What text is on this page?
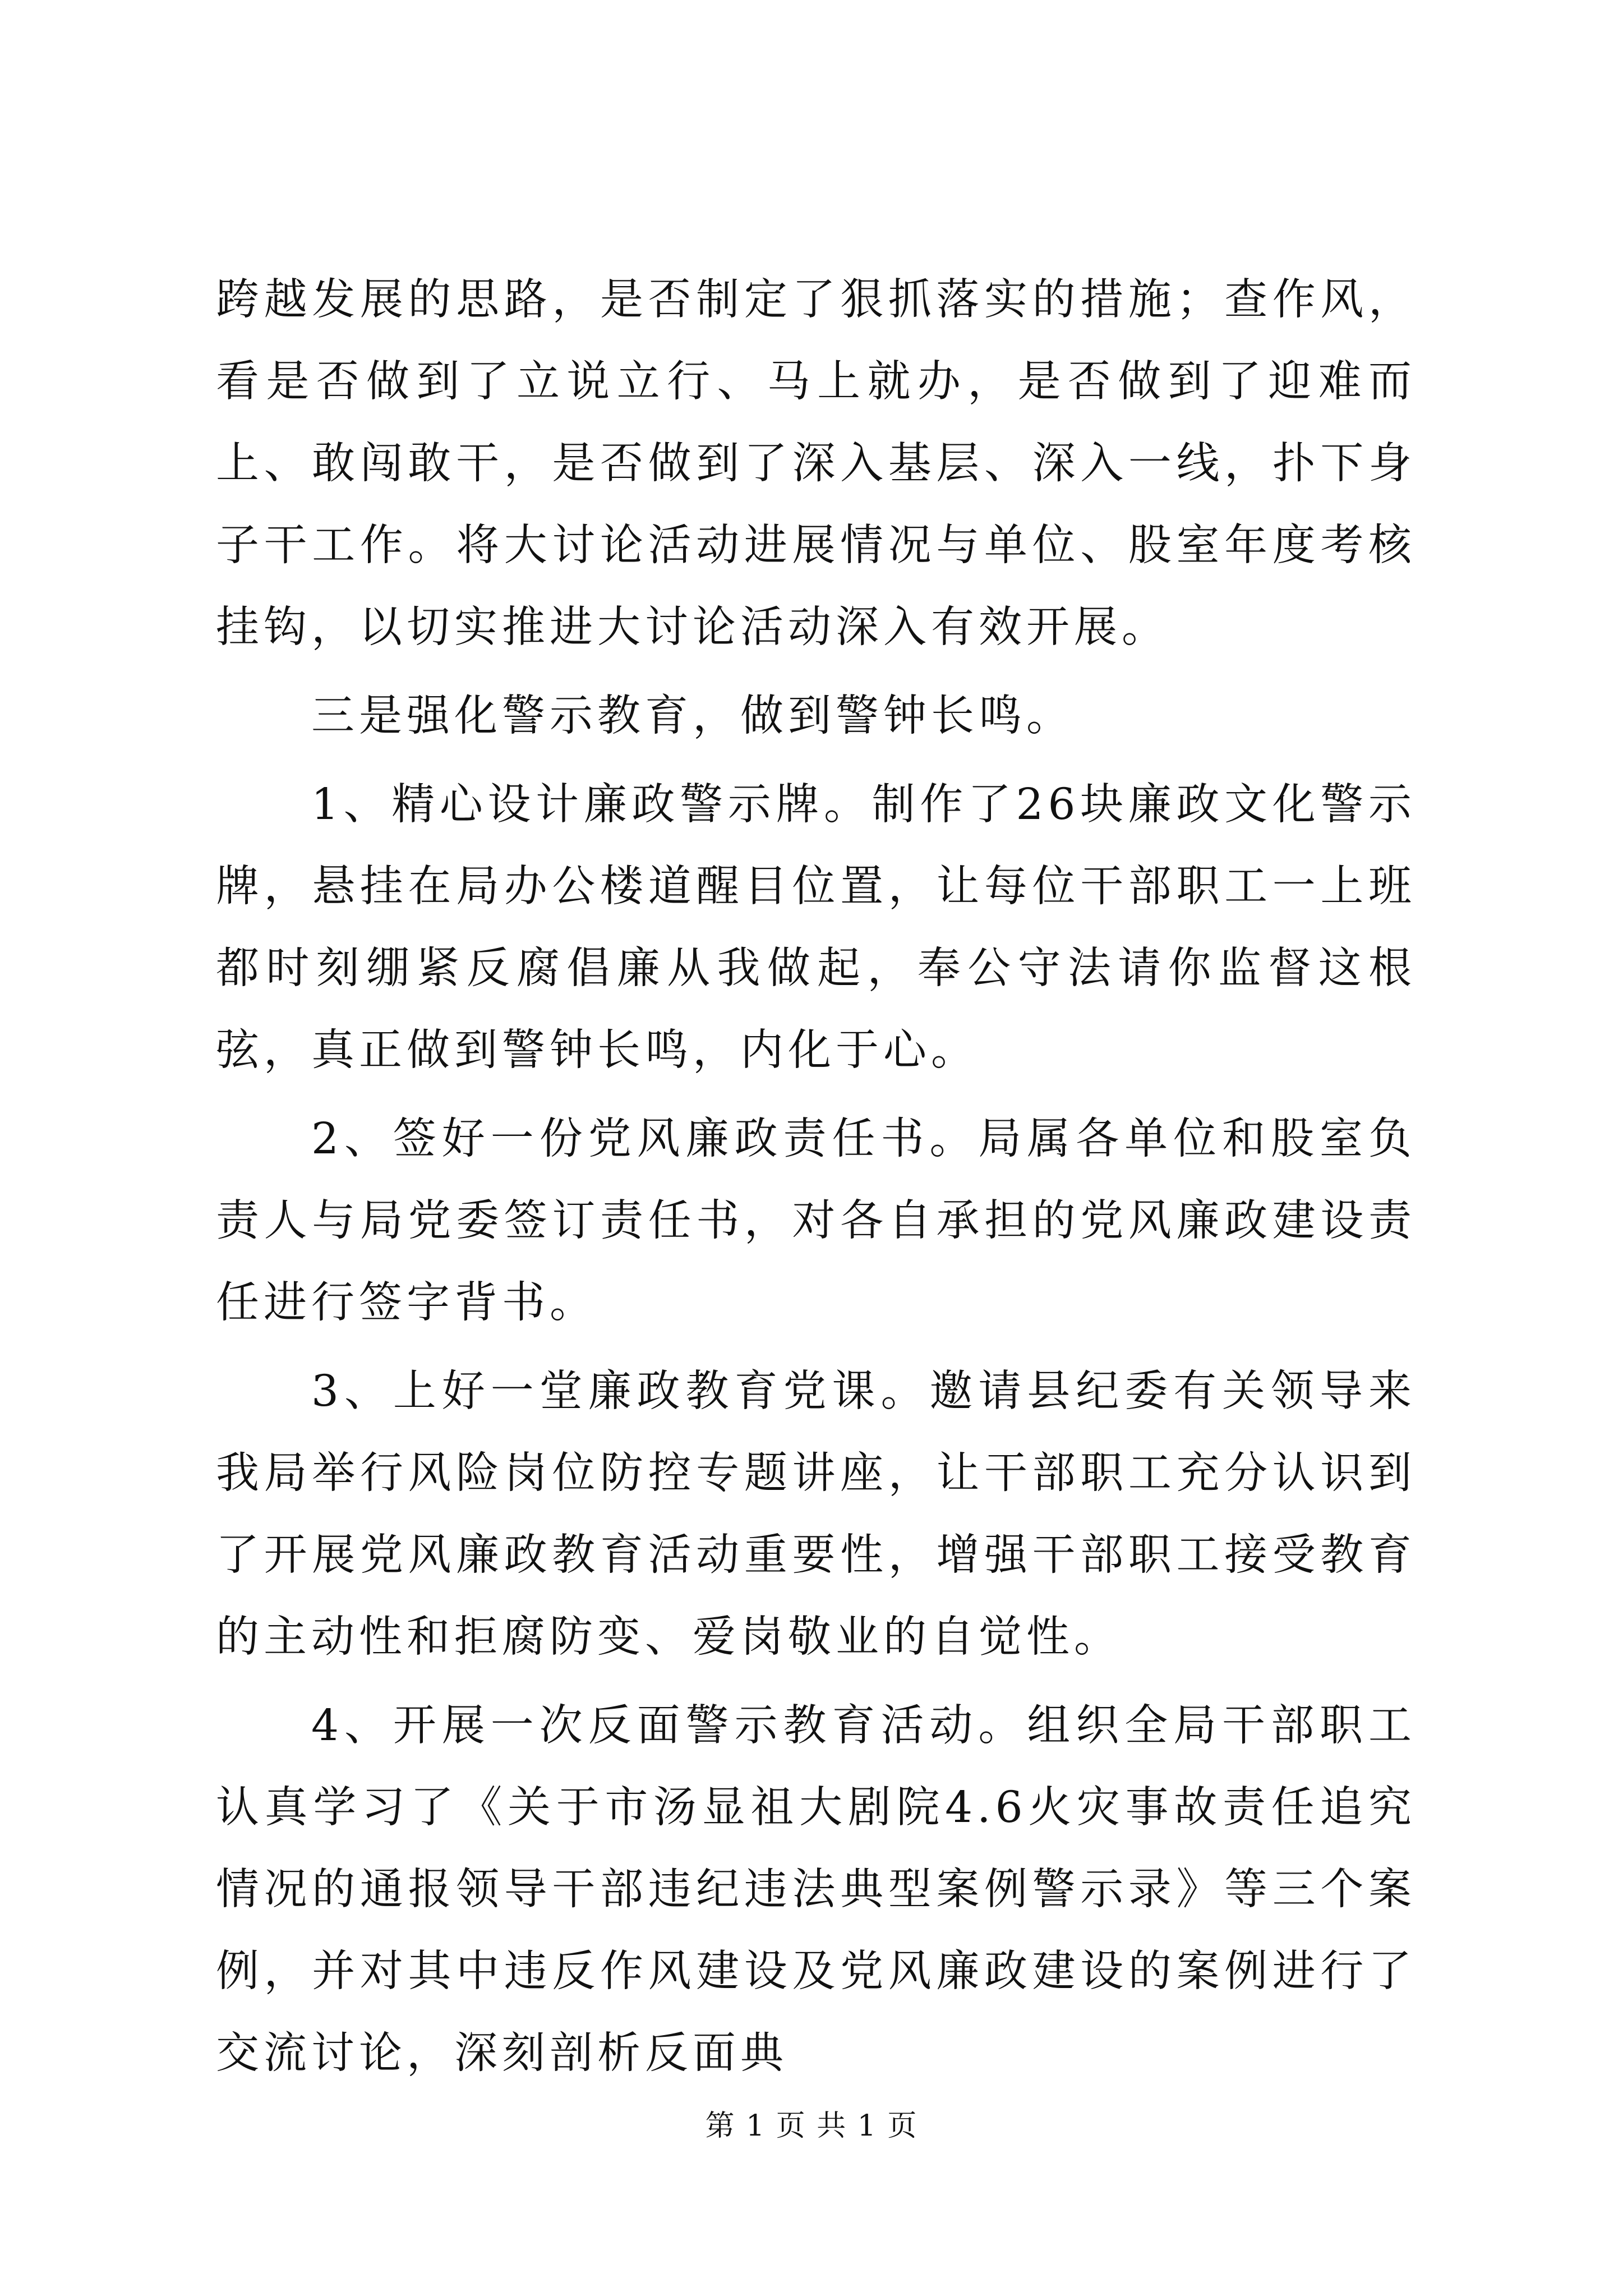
跨越发展的思路，是否制定了狠抓落实的措施；查作风，看是否做到了立说立行、马上就办，是否做到了迎难而上、敢闯敢干，是否做到了深入基层、深入一线，扑下身子干工作。将大讨论活动进展情况与单位、股室年度考核挂钩，以切实推进大讨论活动深入有效开展。

三是强化警示教育，做到警钟长鸣。

1、精心设计廉政警示牌。制作了26块廉政文化警示牌，悬挂在局办公楼道醒目位置，让每位干部职工一上班都时刻绷紧反腐倡廉从我做起，奉公守法请你监督这根弦，真正做到警钟长鸣，内化于心。

2、签好一份党风廉政责任书。局属各单位和股室负责人与局党委签订责任书，对各自承担的党风廉政建设责任进行签字背书。

3、上好一堂廉政教育党课。邀请县纪委有关领导来我局举行风险岗位防控专题讲座，让干部职工充分认识到了开展党风廉政教育活动重要性，增强干部职工接受教育的主动性和拒腐防变、爱岗敬业的自觉性。

4、开展一次反面警示教育活动。组织全局干部职工认真学习了《关于市汤显祖大剧院4.6火灾事故责任追究情况的通报领导干部违纪违法典型案例警示录》等三个案例，并对其中违反作风建设及党风廉政建设的案例进行了交流讨论，深刻剖析反面典

第 1 页 共 1 页
